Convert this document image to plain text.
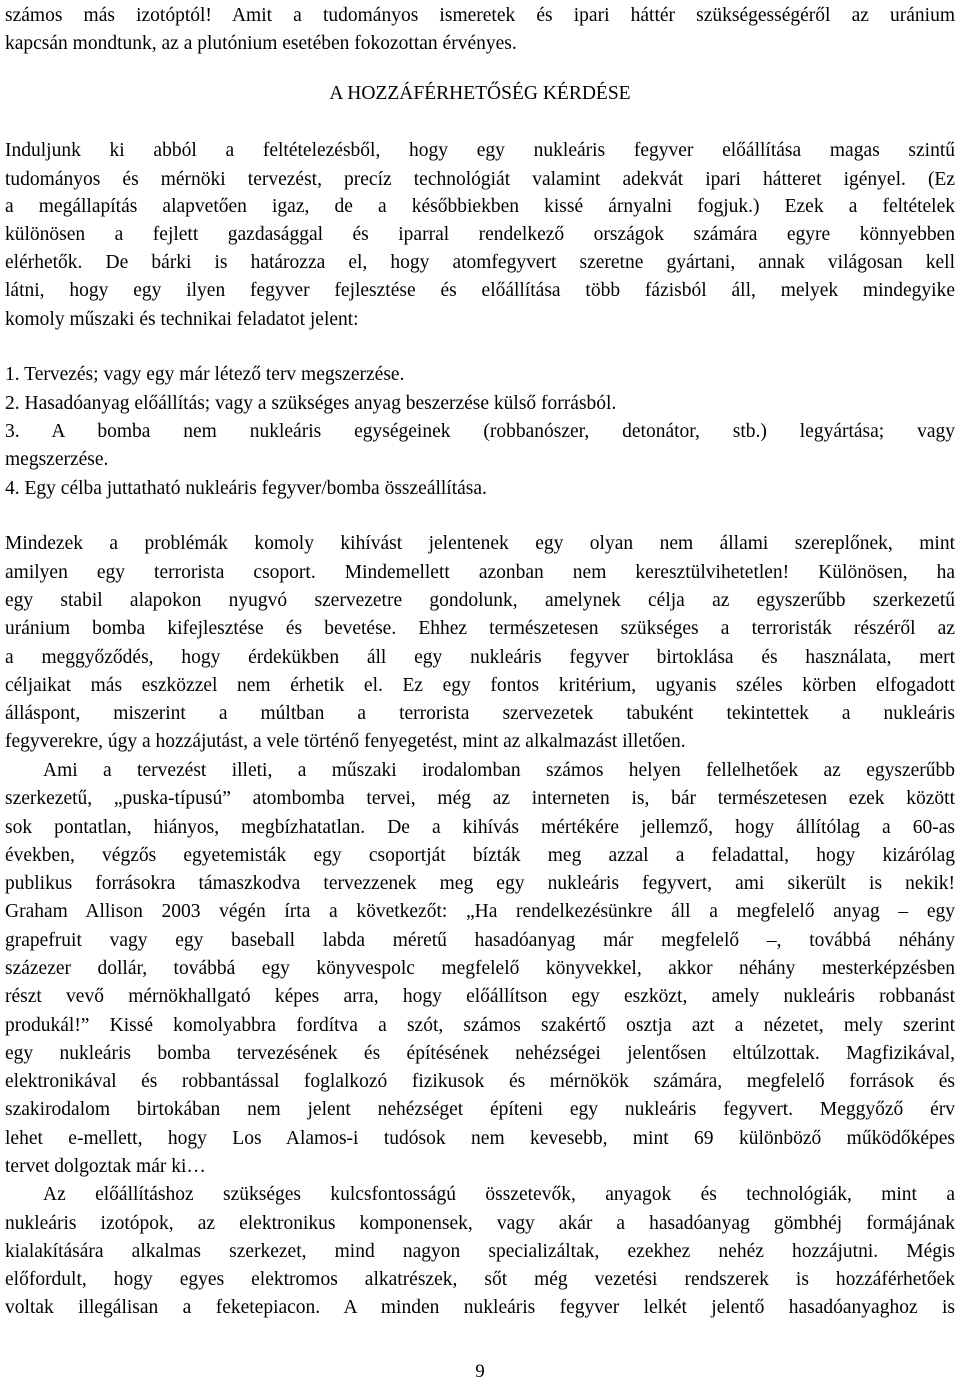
A HOZZÁFÉRHETŐSÉG KÉRDÉSE
számos más izotóptól! Amit a tudományos ismeretek és ipari háttér szükségességéről az uránium
kapcsán mondtunk, az a plutónium esetében fokozottan érvényes.
Induljunk ki abból a feltételezésből, hogy egy nukleáris fegyver előállítása magas szintű
tudományos és mérnöki tervezést, precíz technológiát valamint adekvát ipari hátteret igényel. (Ez
a megállapítás alapvetően igaz, de a későbbiekben kissé árnyalni fogjuk.) Ezek a feltételek
különösen a fejlett gazdasággal és iparral rendelkező országok számára egyre könnyebben
elérhetők. De bárki is határozza el, hogy atomfegyvert szeretne gyártani, annak világosan kell
látni, hogy egy ilyen fegyver fejlesztése és előállítása több fázisból áll, melyek mindegyike
komoly műszaki és technikai feladatot jelent:
1. Tervezés; vagy egy már létező terv megszerzése.
2. Hasadóanyag előállítás; vagy a szükséges anyag beszerzése külső forrásból.
3. A bomba nem nukleáris egységeinek (robbanószer, detonátor, stb.) legyártása; vagy
megszerzése.
4. Egy célba juttatható nukleáris fegyver/bomba összeállítása.
Mindezek a problémák komoly kihívást jelentenek egy olyan nem állami szereplőnek, mint
amilyen egy terrorista csoport. Mindemellett azonban nem keresztülvihetetlen! Különösen, ha
egy stabil alapokon nyugvó szervezetre gondolunk, amelynek célja az egyszerűbb szerkezetű
uránium bomba kifejlesztése és bevetése. Ehhez természetesen szükséges a terroristák részéről az
a meggyőződés, hogy érdekükben áll egy nukleáris fegyver birtoklása és használata, mert
céljaikat más eszközzel nem érhetik el. Ez egy fontos kritérium, ugyanis széles körben elfogadott
álláspont, miszerint a múltban a terrorista szervezetek tabuként tekintettek a nukleáris
fegyverekre, úgy a hozzájutást, a vele történő fenyegetést, mint az alkalmazást illetően.
Ami a tervezést illeti, a műszaki irodalomban számos helyen fellelhetőek az egyszerűbb
szerkezetű, „puska-típusú” atombomba tervei, még az interneten is, bár természetesen ezek között
sok pontatlan, hiányos, megbízhatatlan. De a kihívás mértékére jellemző, hogy állítólag a 60-as
években, végzős egyetemisták egy csoportját bízták meg azzal a feladattal, hogy kizárólag
publikus forrásokra támaszkodva tervezzenek meg egy nukleáris fegyvert, ami sikerült is nekik!
Graham Allison 2003 végén írta a következőt: „Ha rendelkezésünkre áll a megfelelő anyag – egy
grapefruit vagy egy baseball labda méretű hasadóanyag már megfelelő –, továbbá néhány
százezer dollár, továbbá egy könyvespolc megfelelő könyvekkel, akkor néhány mesterképzésben
részt vevő mérnökhallgató képes arra, hogy előállítson egy eszközt, amely nukleáris robbanást
produkál!” Kissé komolyabbra fordítva a szót, számos szakértő osztja azt a nézetet, mely szerint
egy nukleáris bomba tervezésének és építésének nehézségei jelentősen eltúlzottak. Magfizikával,
elektronikával és robbantással foglalkozó fizikusok és mérnökök számára, megfelelő források és
szakirodalom birtokában nem jelent nehézséget építeni egy nukleáris fegyvert. Meggyőző érv
lehet e-mellett, hogy Los Alamos-i tudósok nem kevesebb, mint 69 különböző működőképes
tervet dolgoztak már ki…
Az előállításhoz szükséges kulcsfontosságú összetevők, anyagok és technológiák, mint a
nukleáris izotópok, az elektronikus komponensek, vagy akár a hasadóanyag gömbhéj formájának
kialakítására alkalmas szerkezet, mind nagyon specializáltak, ezekhez nehéz hozzájutni. Mégis
előfordult, hogy egyes elektromos alkatrészek, sőt még vezetési rendszerek is hozzáférhetőek
voltak illegálisan a feketepiacon. A minden nukleáris fegyver lelkét jelentő hasadóanyaghoz is
9
